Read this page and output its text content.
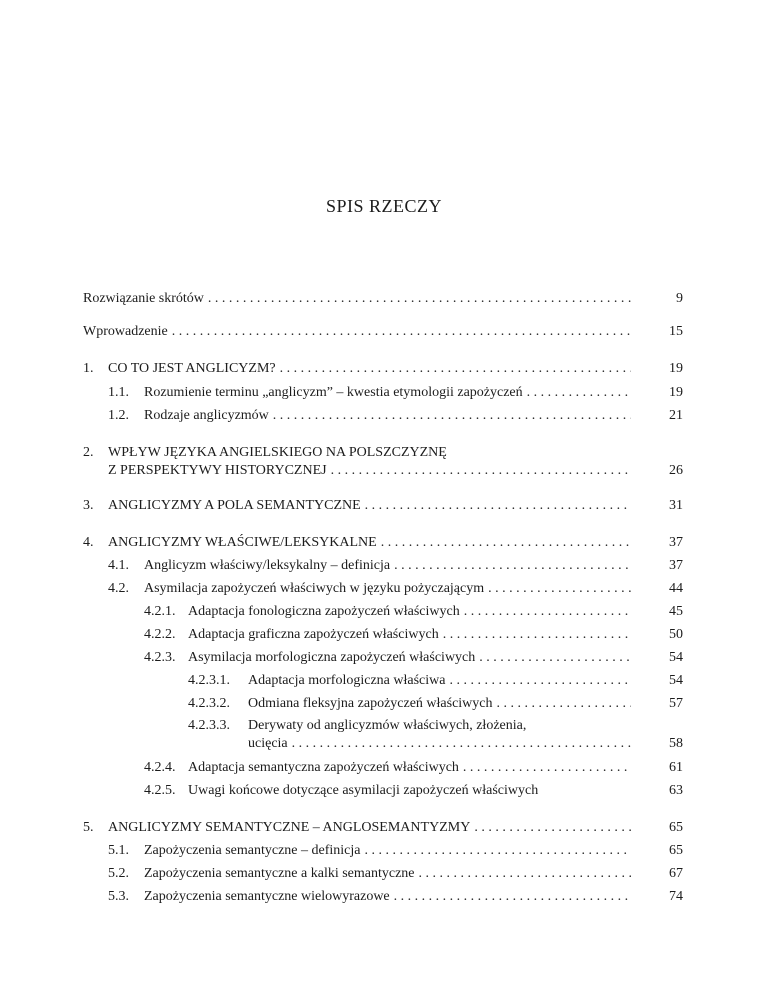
SPIS RZECZY
Rozwiązanie skrótów . . .	9
Wprowadzenie . . .	15
1. CO TO JEST ANGLICYZM? . . .	19
1.1. Rozumienie terminu „anglicyzm” – kwestia etymologii zapożyczeń . . .	19
1.2. Rodzaje anglicyzmów . . .	21
2. WPŁYW JĘZYKA ANGIELSKIEGO NA POLSZCZYZNĘ
Z PERSPEKTYWY HISTORYCZNEJ . . .	26
3. ANGLICYZMY A POLA SEMANTYCZNE . . .	31
4. ANGLICYZMY WŁAŚCIWE/LEKSYKALNE . . .	37
4.1. Anglicyzm właściwy/leksykalny – definicja . . .	37
4.2. Asymilacja zapożyczeń właściwych w języku pożyczającym . . .	44
4.2.1. Adaptacja fonologiczna zapożyczeń właściwych . . .	45
4.2.2. Adaptacja graficzna zapożyczeń właściwych . . .	50
4.2.3. Asymilacja morfologiczna zapożyczeń właściwych . . .	54
4.2.3.1. Adaptacja morfologiczna właściwa . . .	54
4.2.3.2. Odmiana fleksyjna zapożyczeń właściwych . . .	57
4.2.3.3. Derywaty od anglicyzmów właściwych, złożenia,
ucięcia . . .	58
4.2.4. Adaptacja semantyczna zapożyczeń właściwych . . .	61
4.2.5. Uwagi końcowe dotyczące asymilacji zapożyczeń właściwych	63
5. ANGLICYZMY SEMANTYCZNE – ANGLOSEMANTYZMY . . .	65
5.1. Zapożyczenia semantyczne – definicja . . .	65
5.2. Zapożyczenia semantyczne a kalki semantyczne . . .	67
5.3. Zapożyczenia semantyczne wielowyrazowe . . .	74
